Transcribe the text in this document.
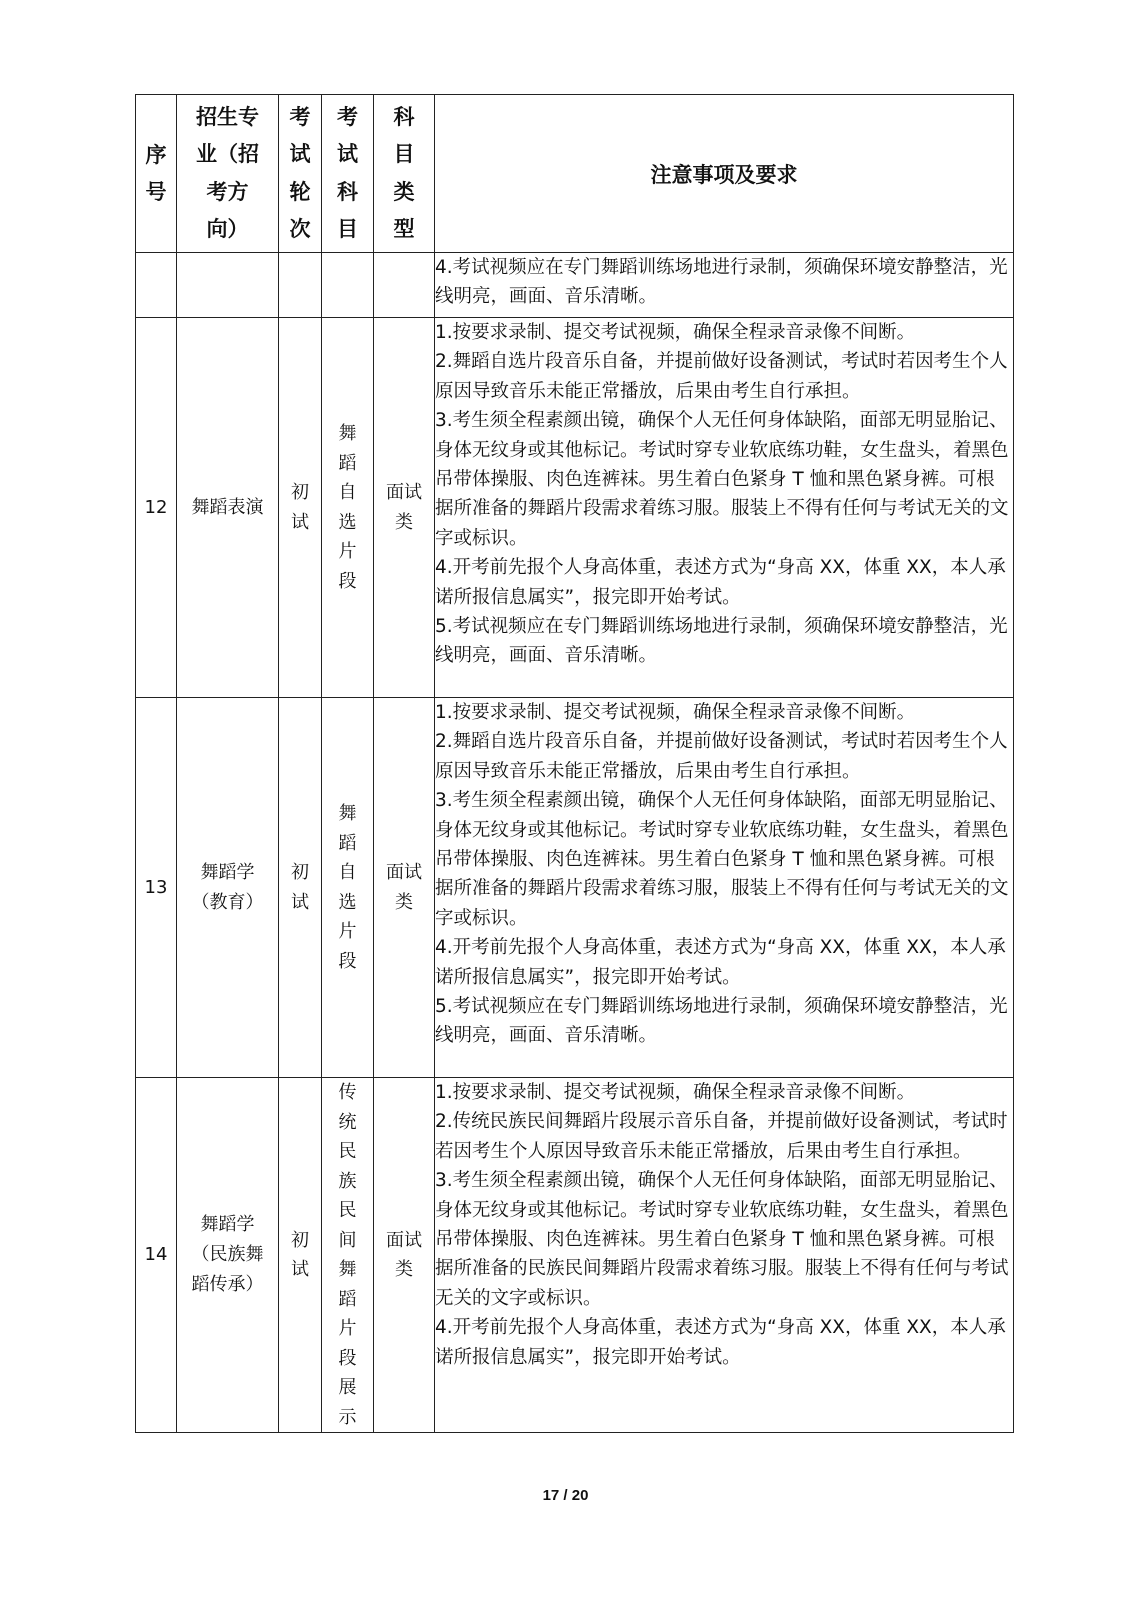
序号	招生专业（招考方向）	考试轮次	考试科目	科目类型	注意事项及要求

					4.考试视频应在专门舞蹈训练场地进行录制，须确保环境安静整洁，光线明亮，画面、音乐清晰。

12	舞蹈表演	初试	舞蹈自选片段	面试类	1.按要求录制、提交考试视频，确保全程录音录像不间断。
2.舞蹈自选片段音乐自备，并提前做好设备测试，考试时若因考生个人原因导致音乐未能正常播放，后果由考生自行承担。
3.考生须全程素颜出镜，确保个人无任何身体缺陷，面部无明显胎记、身体无纹身或其他标记。考试时穿专业软底练功鞋，女生盘头，着黑色吊带体操服、肉色连裤袜。男生着白色紧身 T 恤和黑色紧身裤。可根据所准备的舞蹈片段需求着练习服。服装上不得有任何与考试无关的文字或标识。
4.开考前先报个人身高体重，表述方式为“身高 XX，体重 XX，本人承诺所报信息属实”，报完即开始考试。
5.考试视频应在专门舞蹈训练场地进行录制，须确保环境安静整洁，光线明亮，画面、音乐清晰。

13	舞蹈学（教育）	初试	舞蹈自选片段	面试类	1.按要求录制、提交考试视频，确保全程录音录像不间断。
2.舞蹈自选片段音乐自备，并提前做好设备测试，考试时若因考生个人原因导致音乐未能正常播放，后果由考生自行承担。
3.考生须全程素颜出镜，确保个人无任何身体缺陷，面部无明显胎记、身体无纹身或其他标记。考试时穿专业软底练功鞋，女生盘头，着黑色吊带体操服、肉色连裤袜。男生着白色紧身 T 恤和黑色紧身裤。可根据所准备的舞蹈片段需求着练习服，服装上不得有任何与考试无关的文字或标识。
4.开考前先报个人身高体重，表述方式为“身高 XX，体重 XX，本人承诺所报信息属实”，报完即开始考试。
5.考试视频应在专门舞蹈训练场地进行录制，须确保环境安静整洁，光线明亮，画面、音乐清晰。

14	舞蹈学（民族舞蹈传承）	初试	传统民族民间舞蹈片段展示	面试类	1.按要求录制、提交考试视频，确保全程录音录像不间断。
2.传统民族民间舞蹈片段展示音乐自备，并提前做好设备测试，考试时若因考生个人原因导致音乐未能正常播放，后果由考生自行承担。
3.考生须全程素颜出镜，确保个人无任何身体缺陷，面部无明显胎记、身体无纹身或其他标记。考试时穿专业软底练功鞋，女生盘头，着黑色吊带体操服、肉色连裤袜。男生着白色紧身 T 恤和黑色紧身裤。可根据所准备的民族民间舞蹈片段需求着练习服。服装上不得有任何与考试无关的文字或标识。
4.开考前先报个人身高体重，表述方式为“身高 XX，体重 XX，本人承诺所报信息属实”，报完即开始考试。
17 / 20
